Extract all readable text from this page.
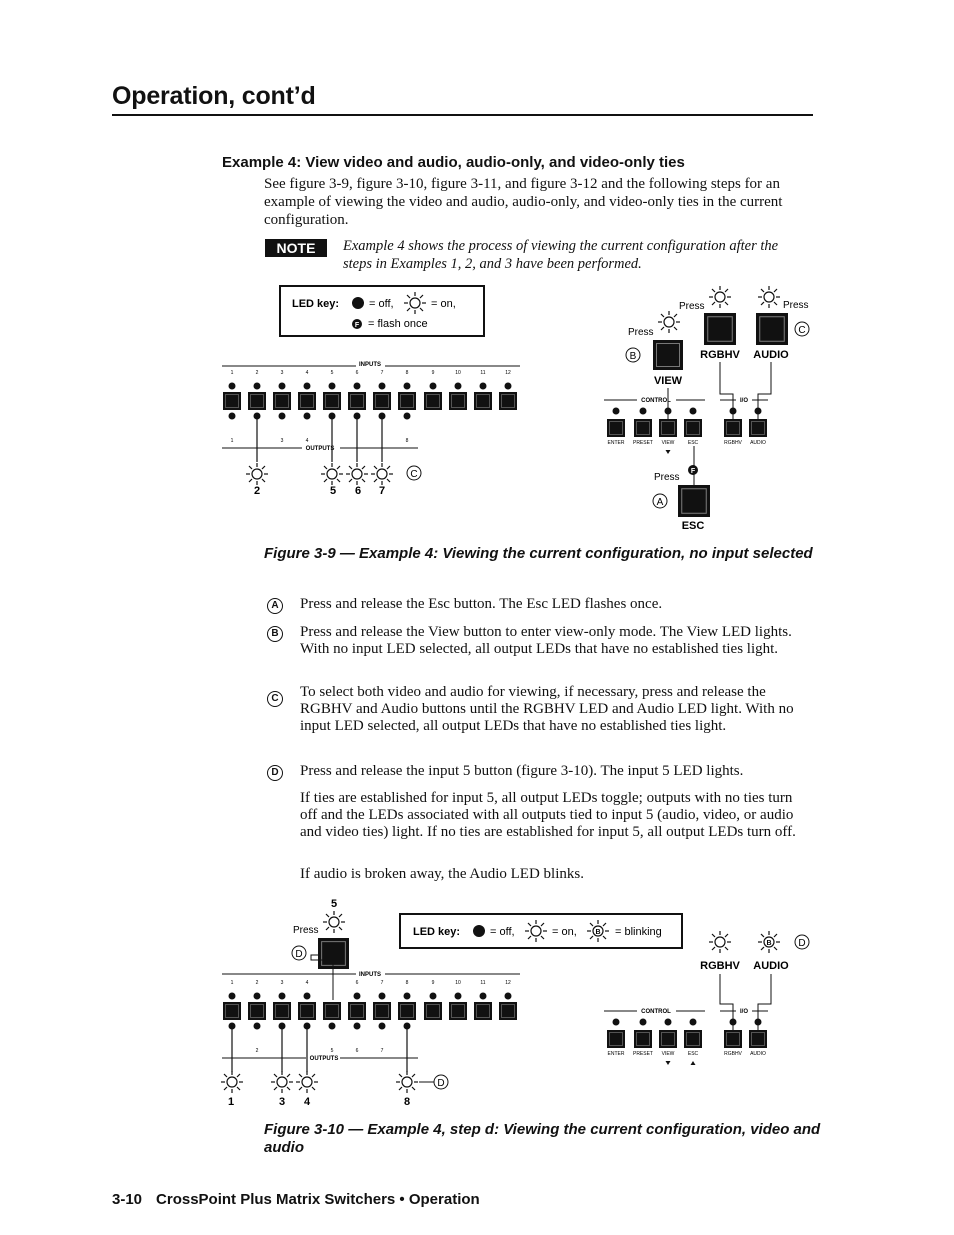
Operation, cont’d
Example 4: View video and audio, audio-only, and video-only ties
See figure 3-9, figure 3-10, figure 3-11, and figure 3-12 and the following steps for an example of viewing the video and audio, audio-only, and video-only ties in the current configuration.
NOTE	Example 4 shows the process of viewing the current configuration after the steps in Examples 1, 2, and 3 have been performed.
LED key:	= off,	= on,
F = flash once
INPUTS
1	2	3	4	5	6	7	8	9	10	11	12
OUTPUTS
1	3	4	8
2	5 6 7
C
CONTROL	I/O
ENTER PRESET VIEW	ESC	RGBHV AUDIO
Press
B
VIEW
Press
RGBHV
Press
C
AUDIO
F
Press
A
ESC
Figure 3-9 — Example 4: Viewing the current configuration, no input selected
A Press and release the Esc button. The Esc LED flashes once.
B Press and release the View button to enter view-only mode. The View LED lights. With no input LED selected, all output LEDs that have no established ties light.
C To select both video and audio for viewing, if necessary, press and release the RGBHV and Audio buttons until the RGBHV LED and Audio LED light. With no input LED selected, all output LEDs that have no established ties light.
D Press and release the input 5 button (figure 3-10). The input 5 LED lights.
If ties are established for input 5, all output LEDs toggle; outputs with no ties turn off and the LEDs associated with all outputs tied to input 5 (audio, video, or audio and video ties) light. If no ties are established for input 5, all output LEDs turn off.
If audio is broken away, the Audio LED blinks.
5
Press
D
LED key:	= off,	= on,	B = blinking
B	D
RGBHV AUDIO
INPUTS
1	2	3	4	6	7	8	9	10	11	12
OUTPUTS
2	5	6	7
1	3 4	8
D
CONTROL	I/O
ENTER PRESET VIEW	ESC	RGBHV AUDIO
Figure 3-10 — Example 4, step d: Viewing the current configuration, video and audio
3-10 CrossPoint Plus Matrix Switchers • Operation
